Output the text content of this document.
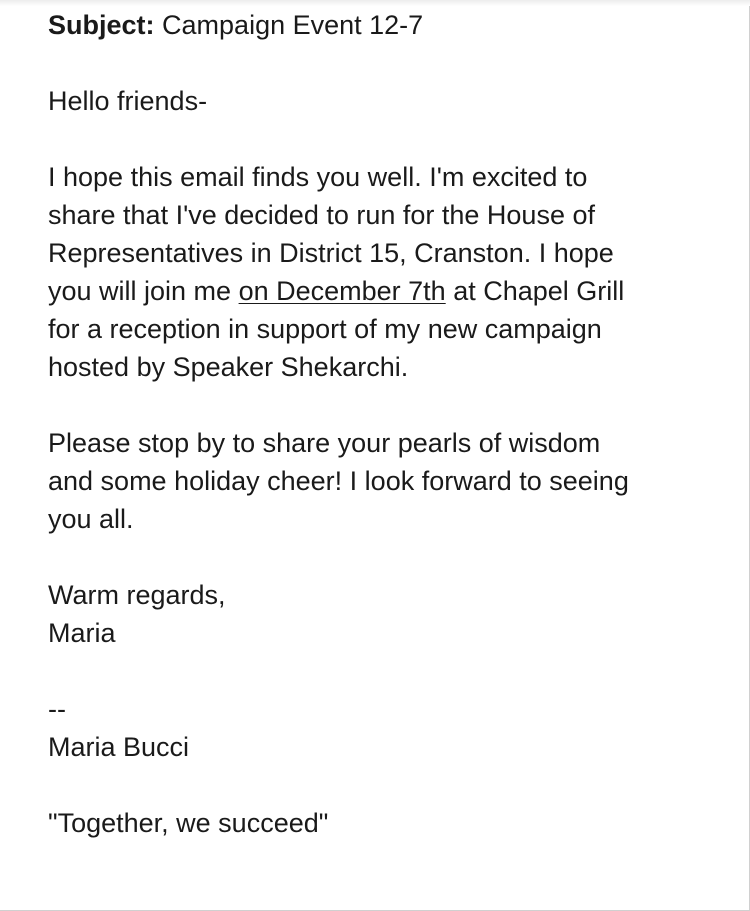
Subject: Campaign Event 12-7
Hello friends-
I hope this email finds you well. I'm excited to
share that I've decided to run for the House of
Representatives in District 15, Cranston. I hope
you will join me on December 7th at Chapel Grill
for a reception in support of my new campaign
hosted by Speaker Shekarchi.
Please stop by to share your pearls of wisdom
and some holiday cheer! I look forward to seeing
you all.
Warm regards,
Maria
--
Maria Bucci
"Together, we succeed"
